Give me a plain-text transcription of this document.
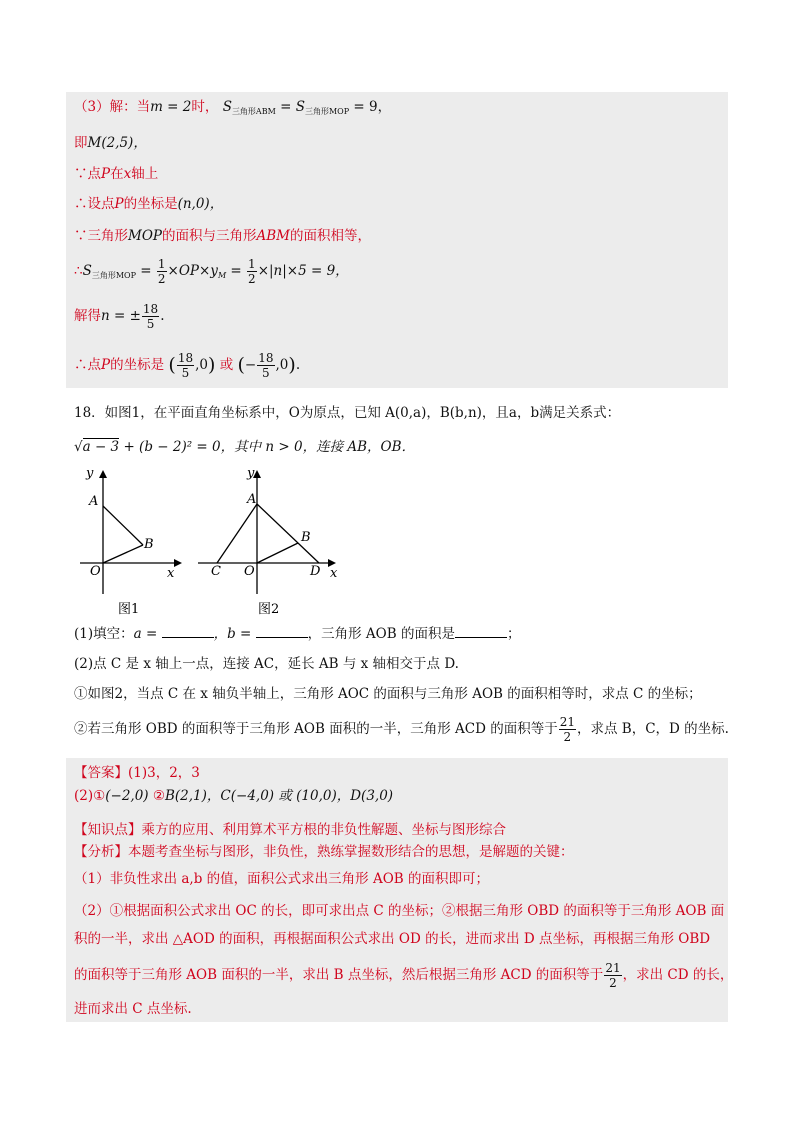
（3）解：当m = 2时， $S_{三角形ABM} = S_{三角形MOP} = 9$，
即M(2,5)，
∵点P在x轴上
∴设点P的坐标是(n,0)，
∵三角形MOP的面积与三角形ABM的面积相等，
$\therefore S_{三角形MOP} = \frac{1}{2} \times OP\times y_M = \frac{1}{2} \times|n|\times 5 = 9$，
解得n = ± $\frac{18}{5}$ .
∴点P的坐标是 ( $\frac{18}{5} ,0$) 或 (− $\frac{18}{5} ,0$).
18．如图1，在平面直角坐标系中，O为原点，已知 A(0,a)，B(b,n)，且a，b满足关系式：
√a − 3 + (b − 2)² = 0，其中 n > 0，连接 AB，OB．
y
A
B
O	x
图1
y
A
B
C O	D x
图2
(1)填空：a =	，b =	，三角形 AOB 的面积是	；
(2)点 C 是 x 轴上一点，连接 AC，延长 AB 与 x 轴相交于点 D.
①如图2，当点 C 在 x 轴负半轴上，三角形 AOC 的面积与三角形 AOB 的面积相等时，求点 C 的坐标；
②若三角形 OBD 的面积等于三角形 AOB 面积的一半，三角形 ACD 的面积等于 $\frac{21}{2}$ ，求点 B，C，D 的坐标.
【答案】(1)3，2，3
(2)①(−2,0) ②B(2,1)，C(−4,0) 或 (10,0)，D(3,0)
【知识点】乘方的应用、利用算术平方根的非负性解题、坐标与图形综合
【分析】本题考查坐标与图形，非负性，熟练掌握数形结合的思想，是解题的关键：
（1）非负性求出 a,b 的值，面积公式求出三角形 AOB 的面积即可；
（2）①根据面积公式求出 OC 的长，即可求出点 C 的坐标；②根据三角形 OBD 的面积等于三角形 AOB 面
积的一半，求出 △AOD 的面积，再根据面积公式求出 OD 的长，进而求出 D 点坐标，再根据三角形 OBD
的面积等于三角形 AOB 面积的一半，求出 B 点坐标，然后根据三角形 ACD 的面积等于 $\frac{21}{2}$ ，求出 CD 的长，
进而求出 C 点坐标.
